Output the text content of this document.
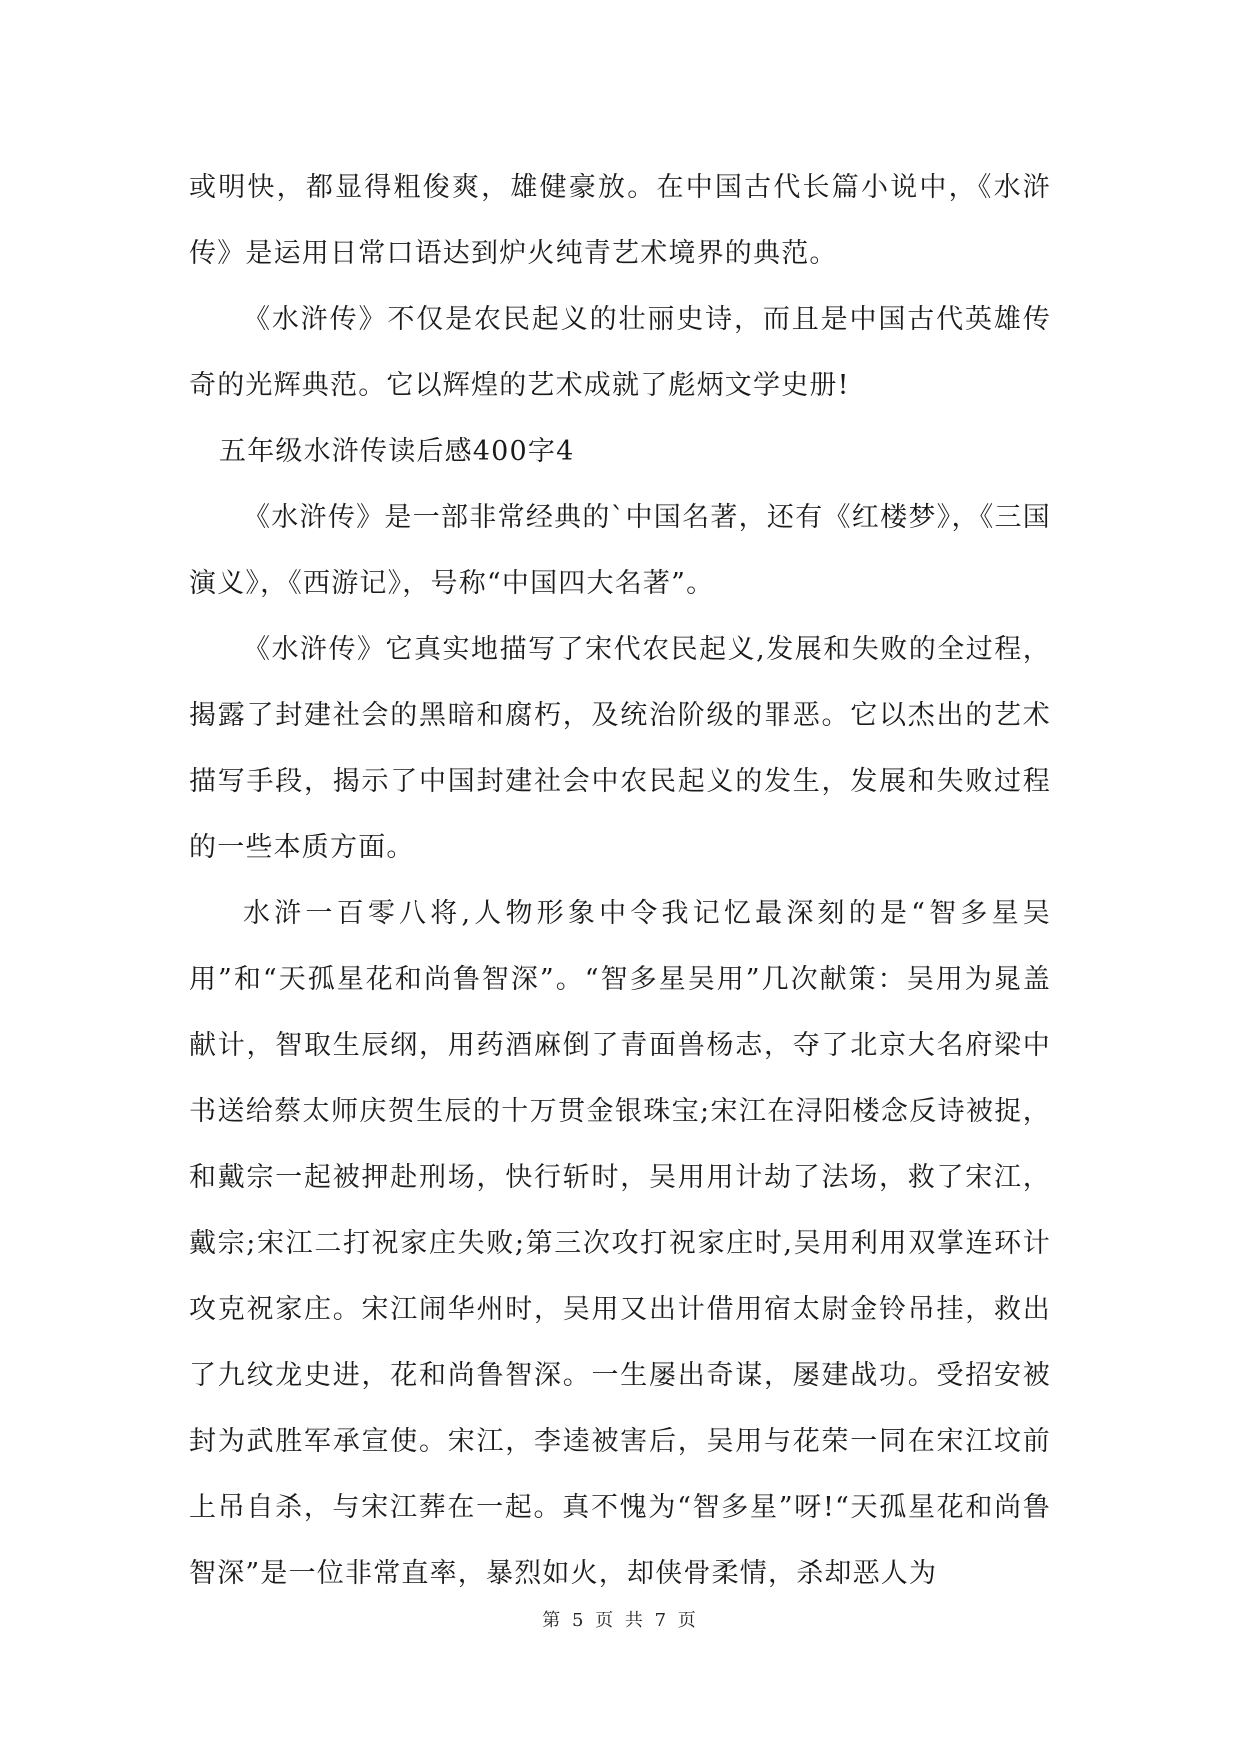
或明快，都显得粗俊爽，雄健豪放。在中国古代长篇小说中，《水浒传》是运用日常口语达到炉火纯青艺术境界的典范。

《水浒传》不仅是农民起义的壮丽史诗，而且是中国古代英雄传奇的光辉典范。它以辉煌的艺术成就了彪炳文学史册!

五年级水浒传读后感400字4

《水浒传》是一部非常经典的`中国名著，还有《红楼梦》，《三国演义》，《西游记》，号称“中国四大名著”。

《水浒传》它真实地描写了宋代农民起义,发展和失败的全过程，揭露了封建社会的黑暗和腐朽，及统治阶级的罪恶。它以杰出的艺术描写手段，揭示了中国封建社会中农民起义的发生，发展和失败过程的一些本质方面。

水浒一百零八将,人物形象中令我记忆最深刻的是“智多星吴用”和“天孤星花和尚鲁智深”。“智多星吴用”几次献策：吴用为晁盖献计，智取生辰纲，用药酒麻倒了青面兽杨志，夺了北京大名府梁中书送给蔡太师庆贺生辰的十万贯金银珠宝;宋江在浔阳楼念反诗被捉，和戴宗一起被押赴刑场，快行斩时，吴用用计劫了法场，救了宋江，戴宗;宋江二打祝家庄失败;第三次攻打祝家庄时,吴用利用双掌连环计攻克祝家庄。宋江闹华州时，吴用又出计借用宿太尉金铃吊挂，救出了九纹龙史进，花和尚鲁智深。一生屡出奇谋，屡建战功。受招安被封为武胜军承宣使。宋江，李逵被害后，吴用与花荣一同在宋江坟前上吊自杀，与宋江葬在一起。真不愧为“智多星”呀!“天孤星花和尚鲁智深”是一位非常直率，暴烈如火，却侠骨柔情，杀却恶人为

第 5 页 共 7 页
